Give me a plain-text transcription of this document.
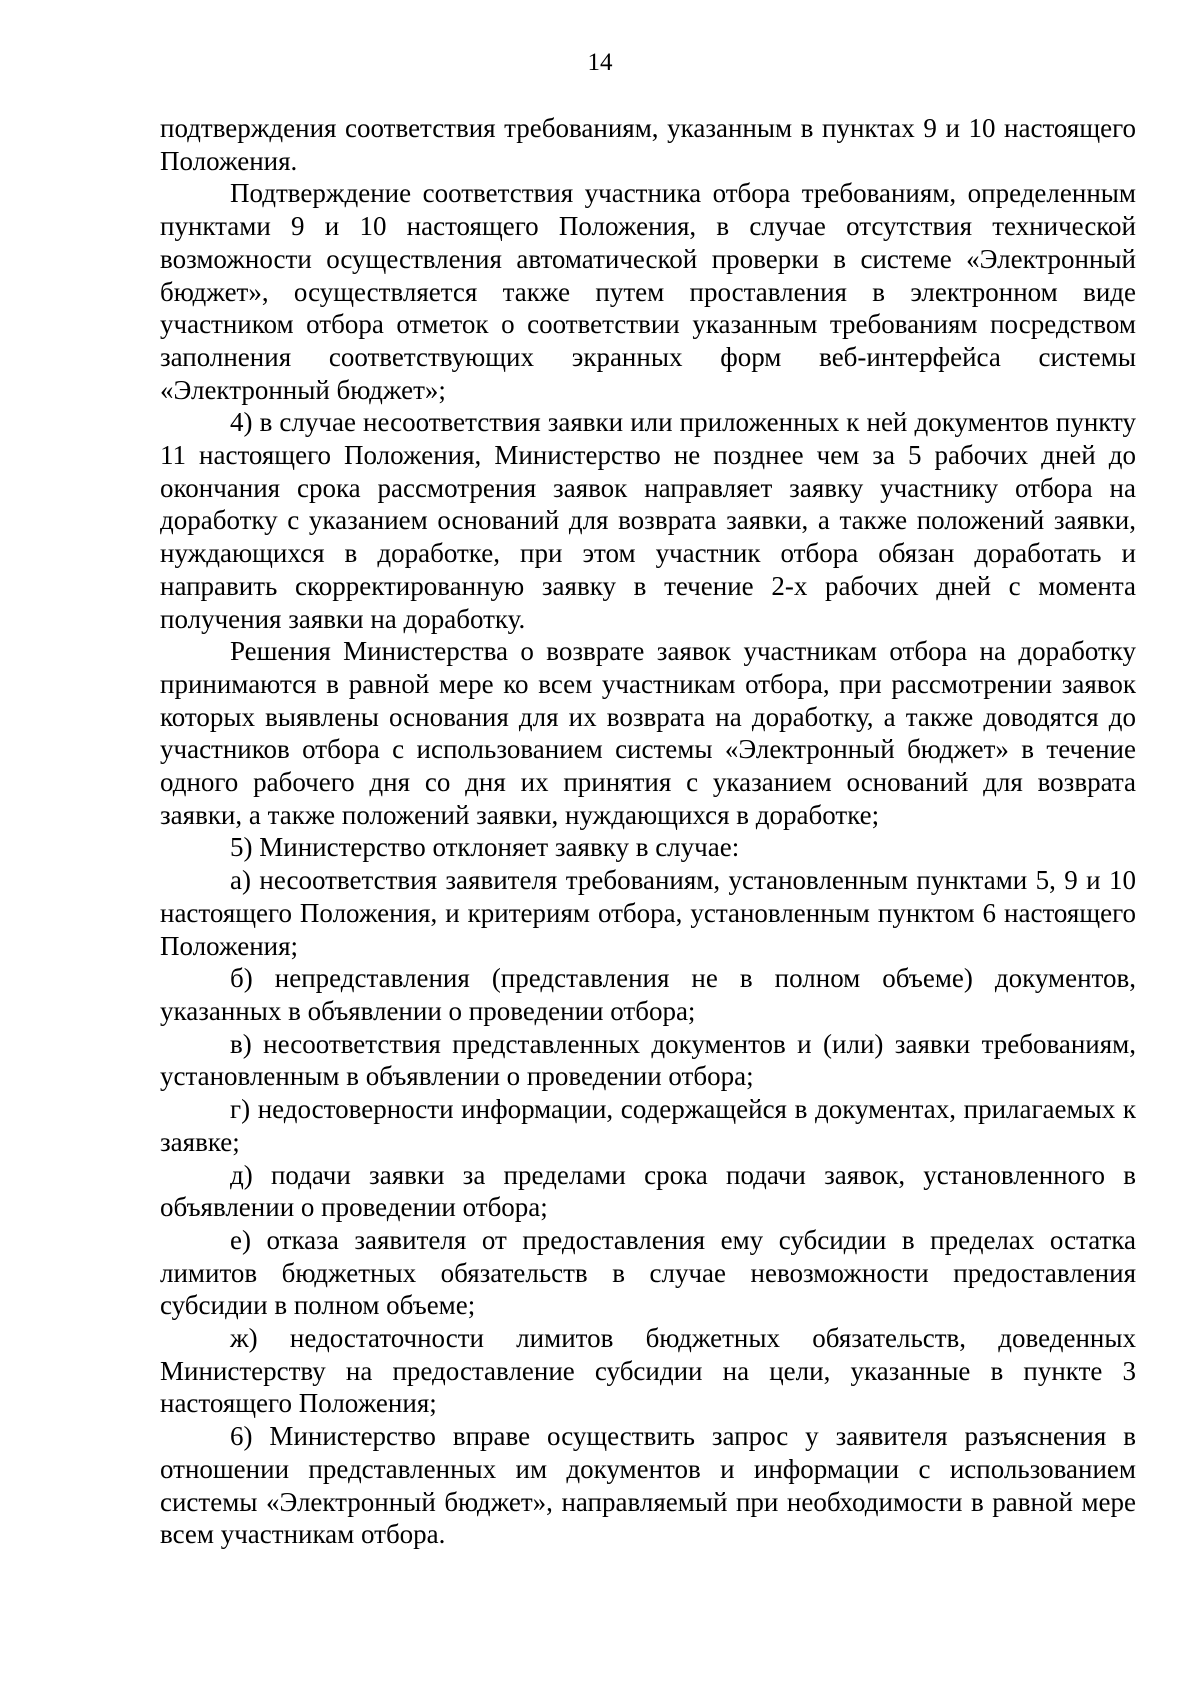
14

подтверждения соответствия требованиям, указанным в пунктах 9 и 10 настоящего Положения.

Подтверждение соответствия участника отбора требованиям, определенным пунктами 9 и 10 настоящего Положения, в случае отсутствия технической возможности осуществления автоматической проверки в системе «Электронный бюджет», осуществляется также путем проставления в электронном виде участником отбора отметок о соответствии указанным требованиям посредством заполнения соответствующих экранных форм веб-интерфейса системы «Электронный бюджет»;

4) в случае несоответствия заявки или приложенных к ней документов пункту 11 настоящего Положения, Министерство не позднее чем за 5 рабочих дней до окончания срока рассмотрения заявок направляет заявку участнику отбора на доработку с указанием оснований для возврата заявки, а также положений заявки, нуждающихся в доработке, при этом участник отбора обязан доработать и направить скорректированную заявку в течение 2-х рабочих дней с момента получения заявки на доработку.

Решения Министерства о возврате заявок участникам отбора на доработку принимаются в равной мере ко всем участникам отбора, при рассмотрении заявок которых выявлены основания для их возврата на доработку, а также доводятся до участников отбора с использованием системы «Электронный бюджет» в течение одного рабочего дня со дня их принятия с указанием оснований для возврата заявки, а также положений заявки, нуждающихся в доработке;

5) Министерство отклоняет заявку в случае:

а) несоответствия заявителя требованиям, установленным пунктами 5, 9 и 10 настоящего Положения, и критериям отбора, установленным пунктом 6 настоящего Положения;

б) непредставления (представления не в полном объеме) документов, указанных в объявлении о проведении отбора;

в) несоответствия представленных документов и (или) заявки требованиям, установленным в объявлении о проведении отбора;

г) недостоверности информации, содержащейся в документах, прилагаемых к заявке;

д) подачи заявки за пределами срока подачи заявок, установленного в объявлении о проведении отбора;

е) отказа заявителя от предоставления ему субсидии в пределах остатка лимитов бюджетных обязательств в случае невозможности предоставления субсидии в полном объеме;

ж) недостаточности лимитов бюджетных обязательств, доведенных Министерству на предоставление субсидии на цели, указанные в пункте 3 настоящего Положения;

6) Министерство вправе осуществить запрос у заявителя разъяснения в отношении представленных им документов и информации с использованием системы «Электронный бюджет», направляемый при необходимости в равной мере всем участникам отбора.
